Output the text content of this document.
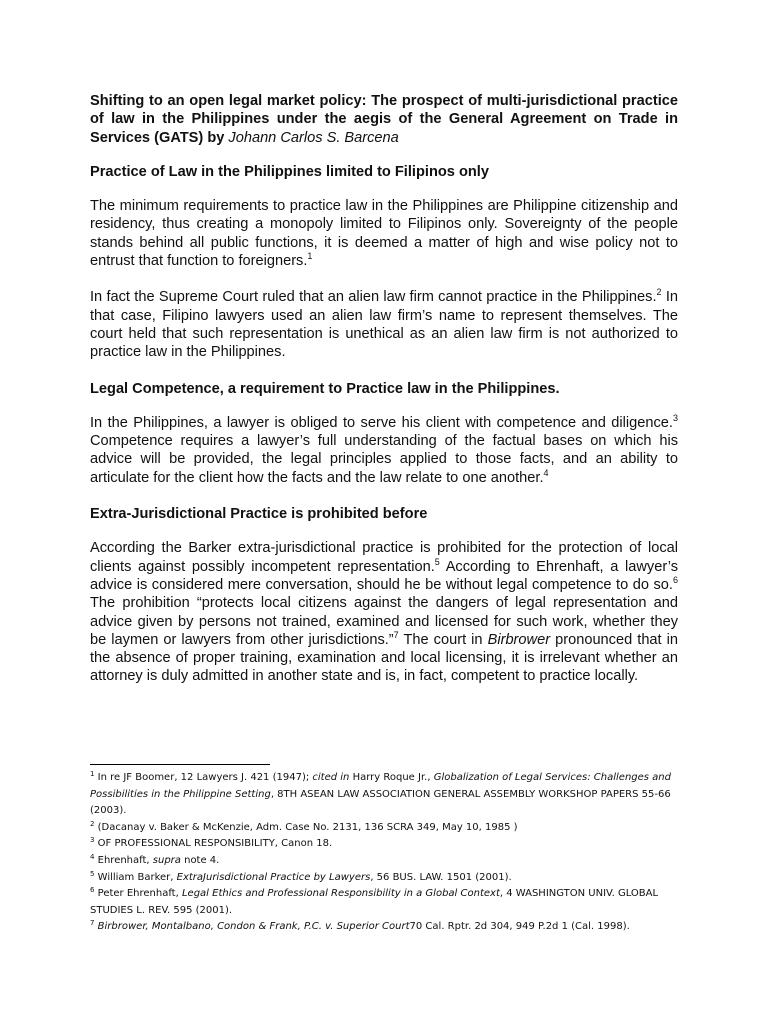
Shifting to an open legal market policy: The prospect of multi-jurisdictional practice of law in the Philippines under the aegis of the General Agreement on Trade in Services (GATS) by Johann Carlos S. Barcena

Practice of Law in the Philippines limited to Filipinos only

The minimum requirements to practice law in the Philippines are Philippine citizenship and residency, thus creating a monopoly limited to Filipinos only. Sovereignty of the people stands behind all public functions, it is deemed a matter of high and wise policy not to entrust that function to foreigners.$^1$

In fact the Supreme Court ruled that an alien law firm cannot practice in the Philippines.$^2$ In that case, Filipino lawyers used an alien law firm’s name to represent themselves. The court held that such representation is unethical as an alien law firm is not authorized to practice law in the Philippines.

Legal Competence, a requirement to Practice law in the Philippines.

In the Philippines, a lawyer is obliged to serve his client with competence and diligence.$^3$ Competence requires a lawyer’s full understanding of the factual bases on which his advice will be provided, the legal principles applied to those facts, and an ability to articulate for the client how the facts and the law relate to one another.$^4$

Extra-Jurisdictional Practice is prohibited before

According the Barker extra-jurisdictional practice is prohibited for the protection of local clients against possibly incompetent representation.$^5$ According to Ehrenhaft, a lawyer’s advice is considered mere conversation, should he be without legal competence to do so.$^6$ The prohibition “protects local citizens against the dangers of legal representation and advice given by persons not trained, examined and licensed for such work, whether they be laymen or lawyers from other jurisdictions.”$^7$ The court in Birbrower pronounced that in the absence of proper training, examination and local licensing, it is irrelevant whether an attorney is duly admitted in another state and is, in fact, competent to practice locally.

$^1$ In re JF Boomer, 12 Lawyers J. 421 (1947); cited in Harry Roque Jr., Globalization of Legal Services: Challenges and Possibilities in the Philippine Setting, 8TH ASEAN LAW ASSOCIATION GENERAL ASSEMBLY WORKSHOP PAPERS 55-66 (2003).

$^2$ (Dacanay v. Baker & McKenzie, Adm. Case No. 2131, 136 SCRA 349, May 10, 1985 )

$^3$ OF PROFESSIONAL RESPONSIBILITY, Canon 18.

$^4$ Ehrenhaft, supra note 4.

$^5$ William Barker, ExtraJurisdictional Practice by Lawyers, 56 BUS. LAW. 1501 (2001).

$^6$ Peter Ehrenhaft, Legal Ethics and Professional Responsibility in a Global Context, 4 WASHINGTON UNIV. GLOBAL STUDIES L. REV. 595 (2001).

$^7$ Birbrower, Montalbano, Condon & Frank, P.C. v. Superior Court70 Cal. Rptr. 2d 304, 949 P.2d 1 (Cal. 1998).
